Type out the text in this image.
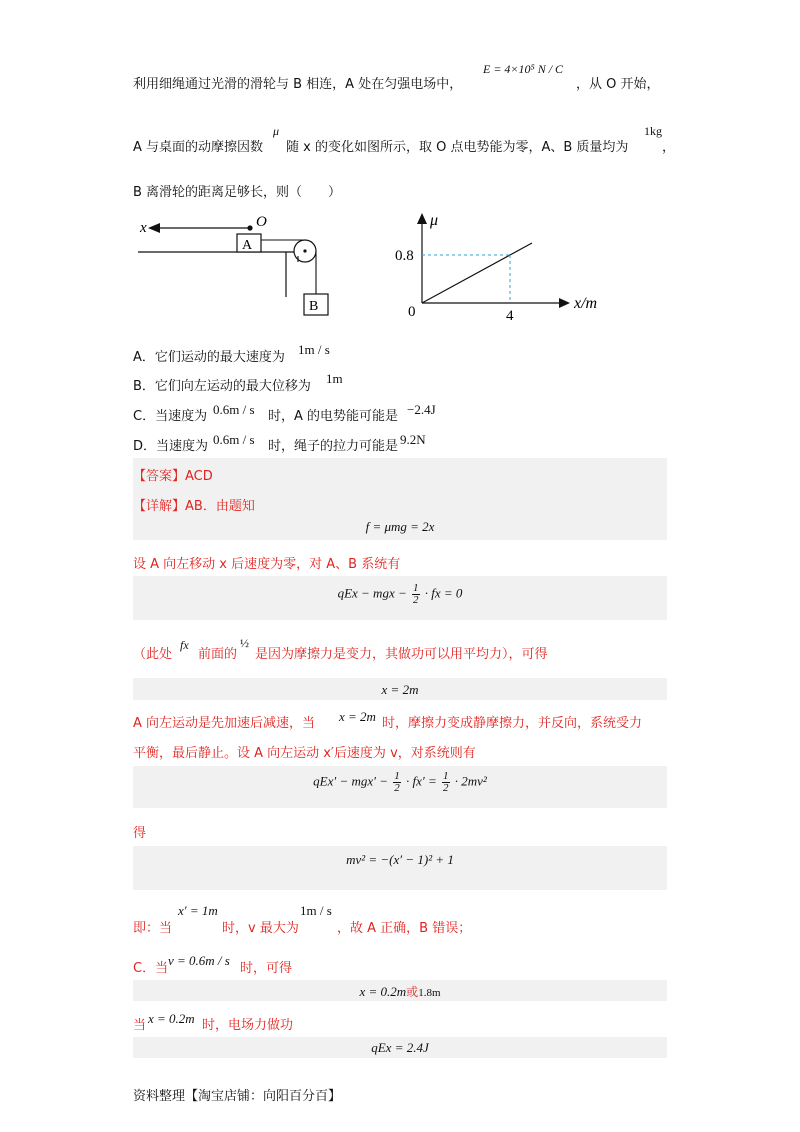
利用细绳通过光滑的滑轮与 B 相连，A 处在匀强电场中，
E = 4×10⁵ N / C
，从 O 开始，
A 与桌面的动摩擦因数
μ
随 x 的变化如图所示，取 O 点电势能为零，A、B 质量均为
1kg
，
B 离滑轮的距离足够长，则（　　）
x	O
A
B
0.8
4
0
μ
x/m
A．它们运动的最大速度为
1m / s
B．它们向左运动的最大位移为
1m
C．当速度为 0.6m / s 时，A 的电势能可能是 −2.4J
D．当速度为 0.6m / s 时，绳子的拉力可能是 9.2N
【答案】ACD
【详解】AB．由题知
f = μmg = 2x
设 A 向左移动 x 后速度为零，对 A、B 系统有
qEx − mgx − $\frac{1}{2}$ · fx = 0
（此处
fx
前面的
½
是因为摩擦力是变力，其做功可以用平均力），可得
x = 2m
A 向左运动是先加速后减速，当 x = 2m 时，摩擦力变成静摩擦力，并反向，系统受力
平衡，最后静止。设 A 向左运动 x′后速度为 v，对系统则有
$qEx' - mgx' - \frac{1}{2} \cdot fx' = \frac{1}{2} \cdot 2mv^2$
得
mv² = −(x′ − 1)² + 1
即：当
x′ = 1m
时，v 最大为
1m / s
，故 A 正确，B 错误；
C．当
v = 0.6m / s
时，可得
x = 0.2m或1.8m
当 x = 0.2m 时，电场力做功
qEx = 2.4J
资料整理【淘宝店铺：向阳百分百】
